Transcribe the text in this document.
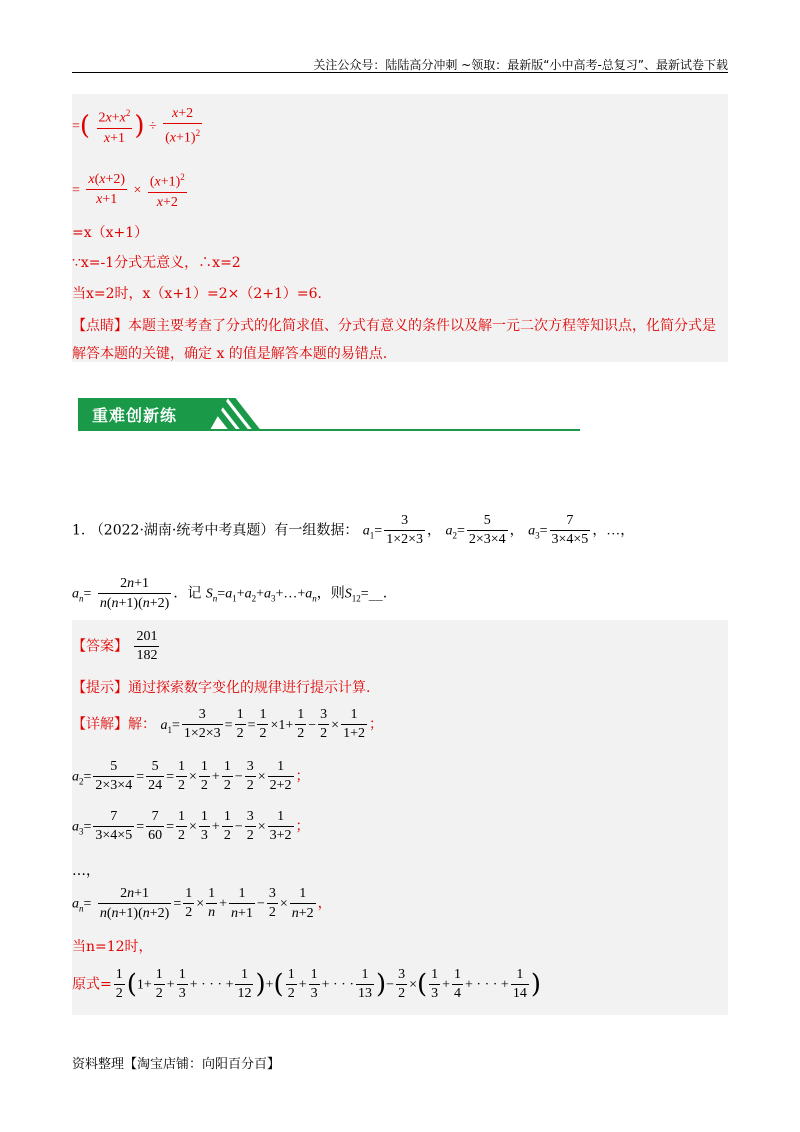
关注公众号：陆陆高分冲刺 ~领取：最新版“小中高考-总复习”、最新试卷下载
=( $\frac{2x+x^2}{x+1}$ ) ÷ $\frac{x+2}{(x+1)^2}$
= $\frac{x(x+2)}{x+1} \times \frac{(x+1)^2}{x+2}$
=x（x+1）
∵x=-1分式无意义，∴x=2
当x=2时，x（x+1）=2×（2+1）=6．
【点睛】本题主要考查了分式的化简求值、分式有意义的条件以及解一元二次方程等知识点，化简分式是
解答本题的关键，确定 x 的值是解答本题的易错点.
重难创新练
1. （2022·湖南·统考中考真题）有一组数据： $a_1= \frac{3}{1\times 2\times 3}$ ， $a_2= \frac{5}{2\times 3\times 4}$ ， $a_3= \frac{7}{3\times 4\times 5}$ ，…，
$a_n= \frac{2n+1}{n(n+1)(n+2)}$ ．记 $S_n=a_1+a_2+a_3+\dots+a_n$，则$S_{12}=\_\_$.
【答案】 $\frac{201}{182}$
【提示】通过探索数字变化的规律进行提示计算.
【详解】解： $a_1= \frac{3}{1\times 2\times 3} = \frac{1}{2} = \frac{1}{2} \times 1+ \frac{1}{2} - \frac{3}{2} \times \frac{1}{1+2}$ ；
$a_2= \frac{5}{2\times 3\times 4} = \frac{5}{24} = \frac{1}{2} \times \frac{1}{2} + \frac{1}{2} - \frac{3}{2} \times \frac{1}{2+2}$ ；
$a_3= \frac{7}{3\times 4\times 5} = \frac{7}{60} = \frac{1}{2} \times \frac{1}{3} + \frac{1}{2} - \frac{3}{2} \times \frac{1}{3+2}$ ；
…，
$a_n= \frac{2n+1}{n(n+1)(n+2)} = \frac{1}{2} \times \frac{1}{n} + \frac{1}{n+1} - \frac{3}{2} \times \frac{1}{n+2}$ ，
当n=12时，
原式= $\frac{1}{2} (1+ \frac{1}{2} + \frac{1}{3}$ + · · · + $\frac{1}{12}$ )+( $\frac{1}{2} + \frac{1}{3}$ + · · · $\frac{1}{13}$ )− $\frac{3}{2}$ ×( $\frac{1}{3} + \frac{1}{4}$ + · · · + $\frac{1}{14}$ )
资料整理【淘宝店铺：向阳百分百】
